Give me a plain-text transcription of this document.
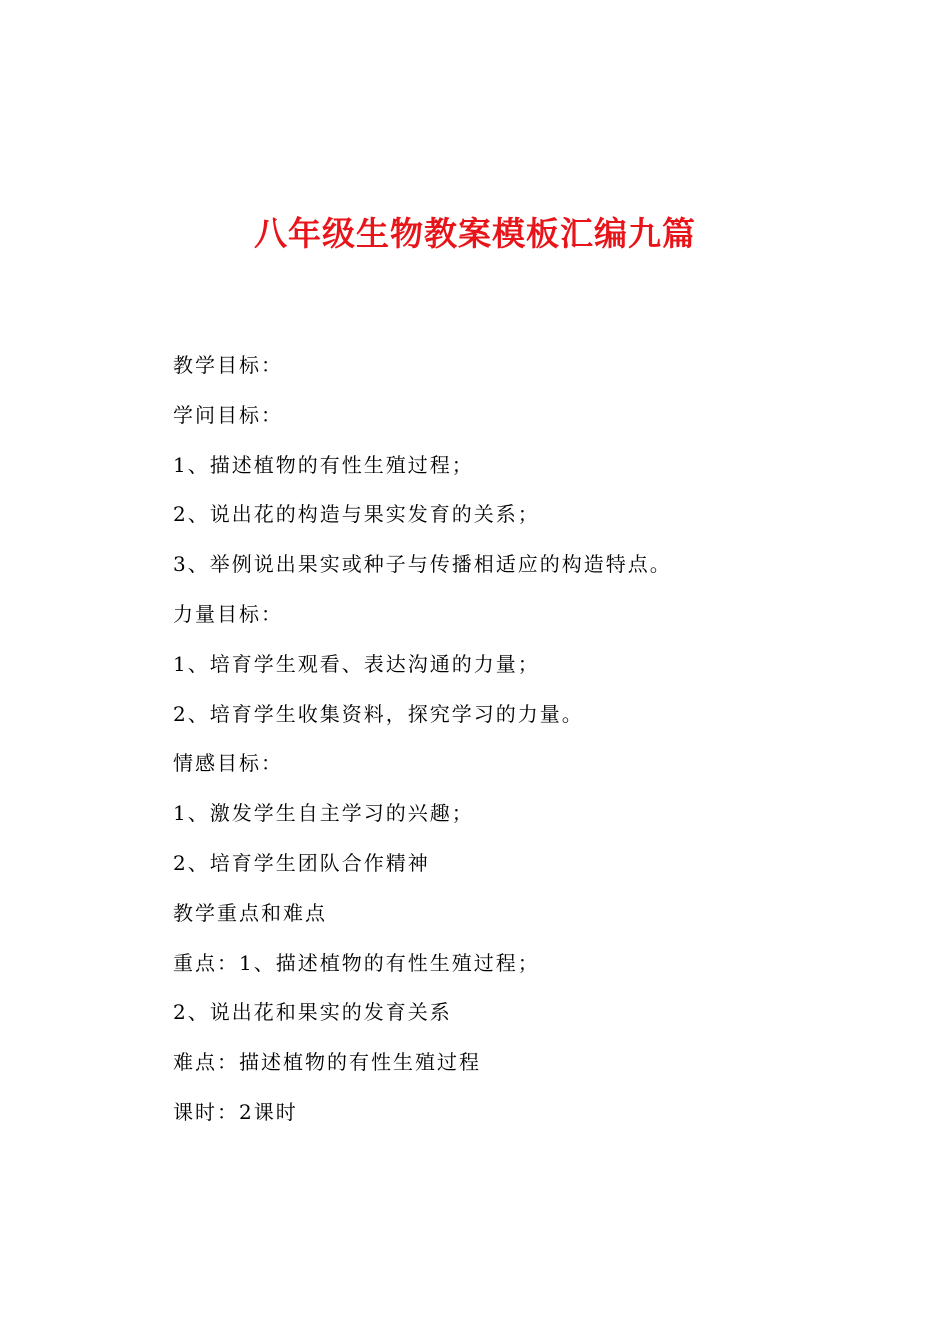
八年级生物教案模板汇编九篇
教学目标：
学问目标：
1、描述植物的有性生殖过程；
2、说出花的构造与果实发育的关系；
3、举例说出果实或种子与传播相适应的构造特点。
力量目标：
1、培育学生观看、表达沟通的力量；
2、培育学生收集资料，探究学习的力量。
情感目标：
1、激发学生自主学习的兴趣；
2、培育学生团队合作精神
教学重点和难点
重点：1、描述植物的有性生殖过程；
2、说出花和果实的发育关系
难点：描述植物的有性生殖过程
课时：2课时
